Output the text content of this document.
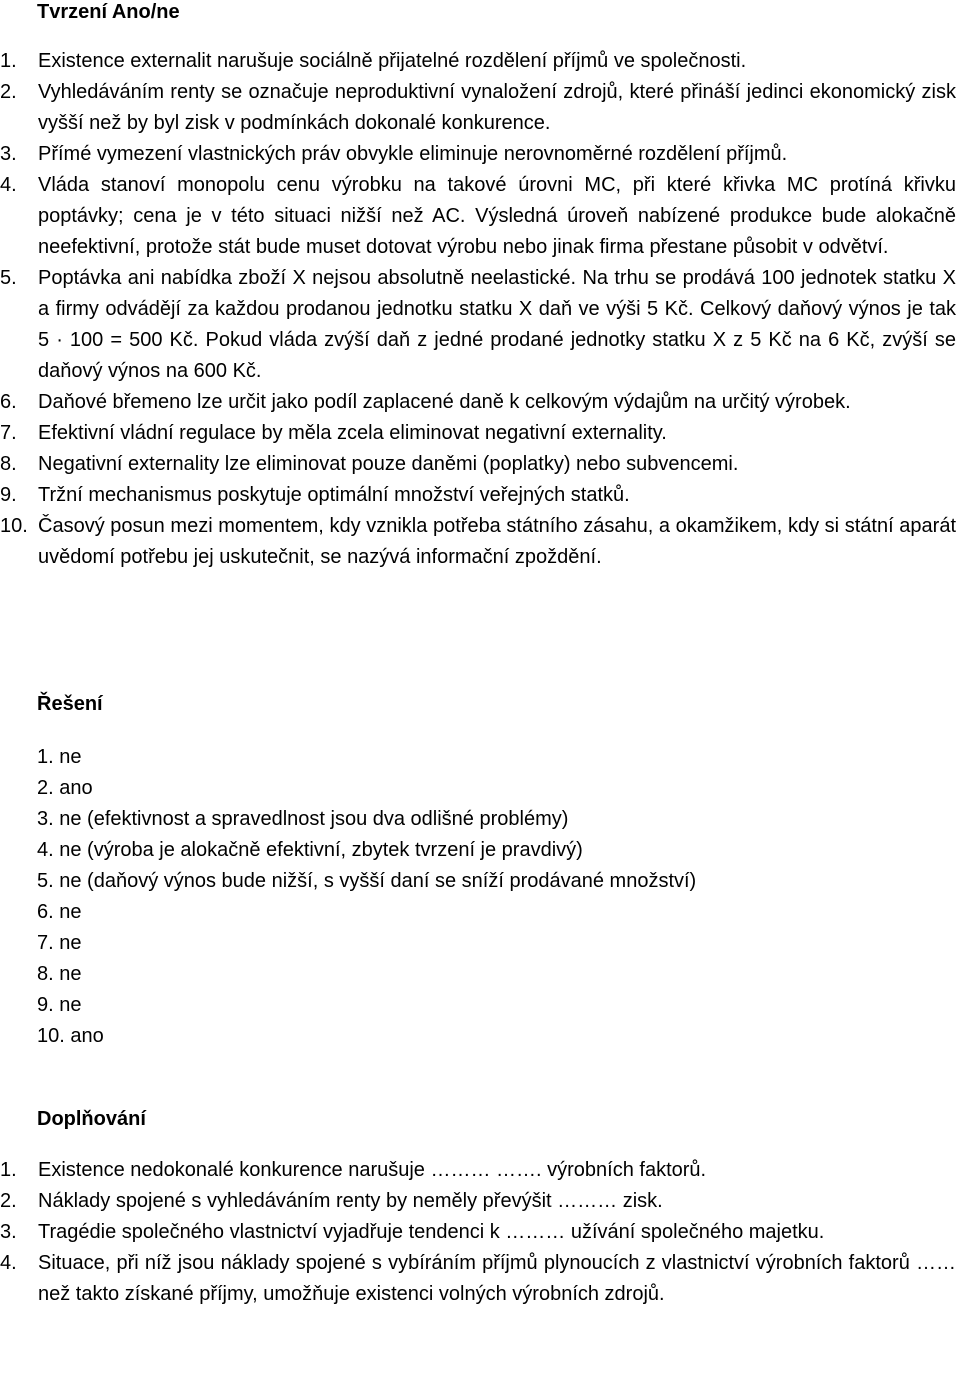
Tvrzení Ano/ne
1.	Existence externalit narušuje sociálně přijatelné rozdělení příjmů ve společnosti.
2.	Vyhledáváním renty se označuje neproduktivní vynaložení zdrojů, které přináší jedinci ekonomický zisk vyšší než by byl zisk v podmínkách dokonalé konkurence.
3.	Přímé vymezení vlastnických práv obvykle eliminuje nerovnoměrné rozdělení příjmů.
4.	Vláda stanoví monopolu cenu výrobku na takové úrovni MC, při které křivka MC protíná křivku poptávky; cena je v této situaci nižší než AC. Výsledná úroveň nabízené produkce bude alokačně neefektivní, protože stát bude muset dotovat výrobu nebo jinak firma přestane působit v odvětví.
5.	Poptávka ani nabídka zboží X nejsou absolutně neelastické. Na trhu se prodává 100 jednotek statku X a firmy odvádějí za každou prodanou jednotku statku X daň ve výši 5 Kč. Celkový daňový výnos je tak 5 · 100 = 500 Kč. Pokud vláda zvýší daň z jedné prodané jednotky statku X z 5 Kč na 6 Kč, zvýší se daňový výnos na 600 Kč.
6.	Daňové břemeno lze určit jako podíl zaplacené daně k celkovým výdajům na určitý výrobek.
7.	Efektivní vládní regulace by měla zcela eliminovat negativní externality.
8.	Negativní externality lze eliminovat pouze daněmi (poplatky) nebo subvencemi.
9.	Tržní mechanismus poskytuje optimální množství veřejných statků.
10. Časový posun mezi momentem, kdy vznikla potřeba státního zásahu, a okamžikem, kdy si státní aparát uvědomí potřebu jej uskutečnit, se nazývá informační zpoždění.
Řešení
1. ne
2. ano
3. ne (efektivnost a spravedlnost jsou dva odlišné problémy)
4. ne (výroba je alokačně efektivní, zbytek tvrzení je pravdivý)
5. ne (daňový výnos bude nižší, s vyšší daní se sníží prodávané množství)
6. ne
7. ne
8. ne
9. ne
10. ano
Doplňování
1.	Existence nedokonalé konkurence narušuje ……… ……. výrobních faktorů.
2.	Náklady spojené s vyhledáváním renty by neměly převýšit ……… zisk.
3.	Tragédie společného vlastnictví vyjadřuje tendenci k ……… užívání společného majetku.
4.	Situace, při níž jsou náklady spojené s vybíráním příjmů plynoucích z vlastnictví výrobních faktorů …… než takto získané příjmy, umožňuje existenci volných výrobních zdrojů.
